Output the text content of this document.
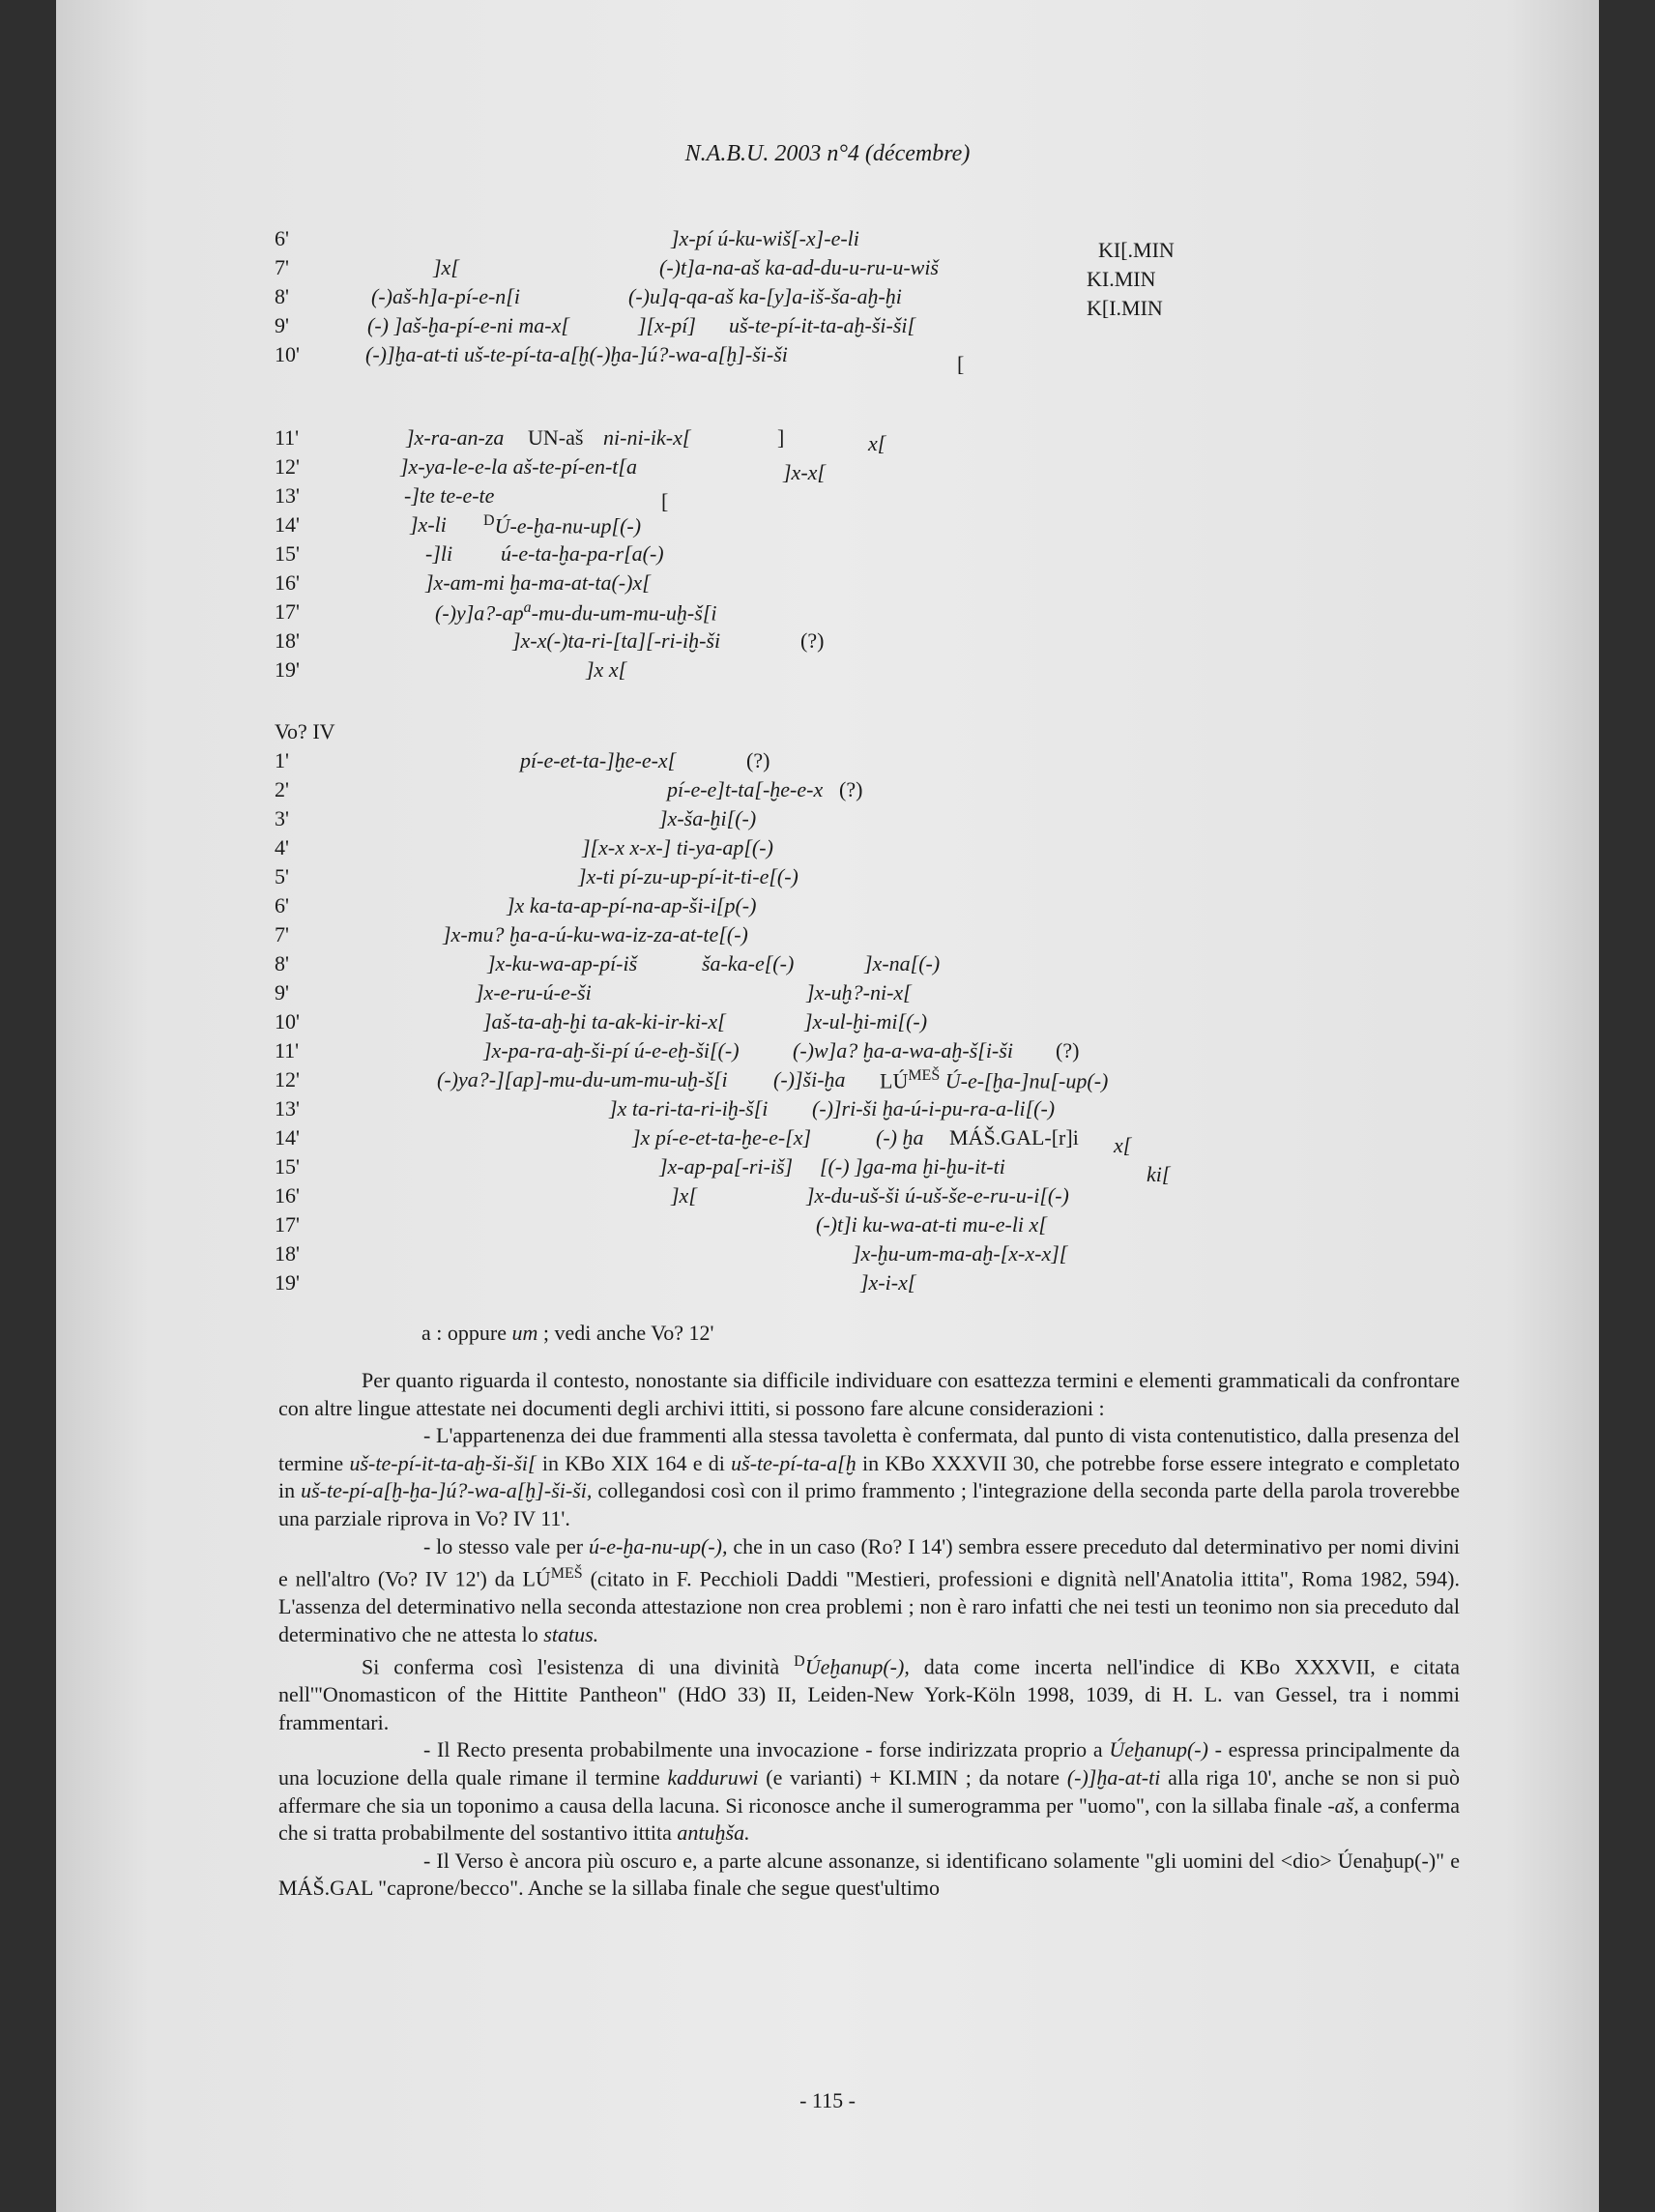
N.A.B.U. 2003 n°4 (décembre)
6'	]x-pí ú-ku-wiš[-x]-e-li	KI[.MIN
7'	]x[	(-)t]a-na-aš ka-ad-du-u-ru-u-wiš	KI.MIN
8'	(-)aš-h]a-pí-e-n[i	(-)u]q-qa-aš ka-[y]a-iš-ša-aḫ-ḫi	K[I.MIN
9'	(-) ]aš-ḫa-pí-e-ni ma-x[	][x-pí] uš-te-pí-it-ta-aḫ-ši-ši[
10'	(-)]ḫa-at-ti uš-te-pí-ta-a[ḫ(-)ḫa-]ú?-wa-a[ḫ]-ši-ši	[
11'	]x-ra-an-za UN-aš ni-ni-ik-x[	]	x[
12'	]x-ya-le-e-la aš-te-pí-en-t[a	]x-x[
13'	-]te te-e-te	[
14'	]x-li $^D$Ú-e-ḫa-nu-up[(-)
15'	-]li ú-e-ta-ḫa-pa-r[a(-)
16'	]x-am-mi ḫa-ma-at-ta(-)x[
17'	$(-)y]a?-ap^a-mu-du-um-mu-uḫ-š[i$
18'	]x-x(-)ta-ri-[ta][-ri-iḫ-ši	(?)
19'	]x x[
Vo? IV
1'	pí-e-et-ta-]ḫe-e-x[	(?)
2'	pí-e-e]t-ta[-ḫe-e-x (?)
3'	]x-ša-ḫi[(-)
4'	][x-x x-x-] ti-ya-ap[(-)
5'	]x-ti pí-zu-up-pí-it-ti-e[(-)
6'	]x ka-ta-ap-pí-na-ap-ši-i[p(-)
7'	]x-mu? ḫa-a-ú-ku-wa-iz-za-at-te[(-)
8'	]x-ku-wa-ap-pí-iš	ša-ka-e[(-)	]x-na[(-)
9'	]x-e-ru-ú-e-ši	]x-uḫ?-ni-x[
10'	]aš-ta-aḫ-ḫi ta-ak-ki-ir-ki-x[	]x-ul-ḫi-mi[(-)
11'	]x-pa-ra-aḫ-ši-pí ú-e-eḫ-ši[(-)	(-)w]a? ḫa-a-wa-aḫ-š[i-ši (?)
12'	(-)ya?-][ap]-mu-du-um-mu-uḫ-š[i (-)]ši-ḫa $LÚ^{MEŠ}$ Ú-e-[ḫa-]nu[-up(-)
13'	]x ta-ri-ta-ri-iḫ-š[i (-)]ri-ši ḫa-ú-i-pu-ra-a-li[(-)
14'	]x pí-e-et-ta-ḫe-e-[x]	(-) ḫa MÁŠ.GAL-[r]i x[
15'	]x-ap-pa[-ri-iš] [(-) ]ga-ma ḫi-ḫu-it-ti	ki[
16'	]x[	]x-du-uš-ši ú-uš-še-e-ru-u-i[(-)
17'	(-)t]i ku-wa-at-ti mu-e-li x[
18'	]x-ḫu-um-ma-aḫ-[x-x-x][
19'	]x-i-x[
a : oppure um ; vedi anche Vo? 12'

Per quanto riguarda il contesto, nonostante sia difficile individuare con esattezza termini e elementi grammaticali da confrontare con altre lingue attestate nei documenti degli archivi ittiti, si possono fare alcune considerazioni :

- L'appartenenza dei due frammenti alla stessa tavoletta è confermata, dal punto di vista contenutistico, dalla presenza del termine uš-te-pí-it-ta-aḫ-ši-ši[ in KBo XIX 164 e di uš-te-pí-ta-a[ḫ in KBo XXXVII 30, che potrebbe forse essere integrato e completato in uš-te-pí-a[ḫ-ḫa-]ú?-wa-a[ḫ]-ši-ši, collegandosi così con il primo frammento ; l'integrazione della seconda parte della parola troverebbe una parziale riprova in Vo? IV 11'.

- lo stesso vale per ú-e-ḫa-nu-up(-), che in un caso (Ro? I 14') sembra essere preceduto dal determinativo per nomi divini e nell'altro (Vo? IV 12') da $LÚ^{MEŠ}$ (citato in F. Pecchioli Daddi "Mestieri, professioni e dignità nell'Anatolia ittita", Roma 1982, 594). L'assenza del determinativo nella seconda attestazione non crea problemi ; non è raro infatti che nei testi un teonimo non sia preceduto dal determinativo che ne attesta lo status.

Si conferma così l'esistenza di una divinità $^D$Úeḫanup(-), data come incerta nell'indice di KBo XXXVII, e citata nell'"Onomasticon of the Hittite Pantheon" (HdO 33) II, Leiden-New York-Köln 1998, 1039, di H. L. van Gessel, tra i nommi frammentari.

- Il Recto presenta probabilmente una invocazione - forse indirizzata proprio a Úeḫanup(-) - espressa principalmente da una locuzione della quale rimane il termine kadduruwi (e varianti) + KI.MIN ; da notare (-)]ḫa-at-ti alla riga 10', anche se non si può affermare che sia un toponimo a causa della lacuna. Si riconosce anche il sumerogramma per "uomo", con la sillaba finale -aš, a conferma che si tratta probabilmente del sostantivo ittita antuḫša.

- Il Verso è ancora più oscuro e, a parte alcune assonanze, si identificano solamente "gli uomini del <dio> Úenaḫup(-)" e MÁŠ.GAL "caprone/becco". Anche se la sillaba finale che segue quest'ultimo

- 115 -
